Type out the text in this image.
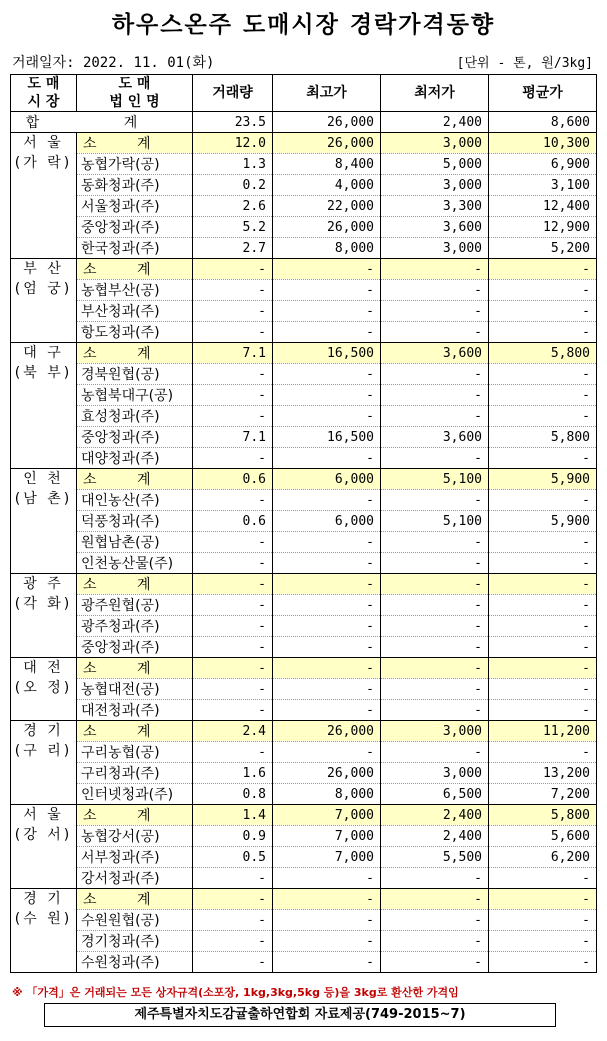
하우스온주 도매시장 경락가격동향
거래일자: 2022. 11. 01(화)	[단위 - 톤, 원/3kg]
도 매
시 장	도 매
법 인 명	거래량	최고가	최저가	평균가
합 계		23.5	26,000	2,400	8,600

서 울
(가 락)	소 계	12.0	26,000	3,000	10,300
	농협가락(공)	1.3	8,400	5,000	6,900
	동화청과(주)	0.2	4,000	3,000	3,100
	서울청과(주)	2.6	22,000	3,300	12,400
	중앙청과(주)	5.2	26,000	3,600	12,900
	한국청과(주)	2.7	8,000	3,000	5,200

부 산
(엄 궁)	소 계	-	-	-	-
	농협부산(공)	-	-	-	-
	부산청과(주)	-	-	-	-
	항도청과(주)	-	-	-	-

대 구
(북 부)	소 계	7.1	16,500	3,600	5,800
	경북원협(공)	-	-	-	-
	농협북대구(공)	-	-	-	-
	효성청과(주)	-	-	-	-
	중앙청과(주)	7.1	16,500	3,600	5,800
	대양청과(주)	-	-	-	-

인 천
(남 촌)	소 계	0.6	6,000	5,100	5,900
	대인농산(주)	-	-	-	-
	덕풍청과(주)	0.6	6,000	5,100	5,900
	원협남촌(공)	-	-	-	-
	인천농산물(주)	-	-	-	-

광 주
(각 화)	소 계	-	-	-	-
	광주원협(공)	-	-	-	-
	광주청과(주)	-	-	-	-
	중앙청과(주)	-	-	-	-

대 전
(오 정)	소 계	-	-	-	-
	농협대전(공)	-	-	-	-
	대전청과(주)	-	-	-	-

경 기
(구 리)	소 계	2.4	26,000	3,000	11,200
	구리농협(공)	-	-	-	-
	구리청과(주)	1.6	26,000	3,000	13,200
	인터넷청과(주)	0.8	8,000	6,500	7,200

서 울
(강 서)	소 계	1.4	7,000	2,400	5,800
	농협강서(공)	0.9	7,000	2,400	5,600
	서부청과(주)	0.5	7,000	5,500	6,200
	강서청과(주)	-	-	-	-

경 기
(수 원)	소 계	-	-	-	-
	수원원협(공)	-	-	-	-
	경기청과(주)	-	-	-	-
	수원청과(주)	-	-	-	-
※ 「가격」은 거래되는 모든 상자규격(소포장, 1kg,3kg,5kg 등)을 3kg로 환산한 가격임
제주특별자치도감귤출하연합회 자료제공(749-2015~7)
